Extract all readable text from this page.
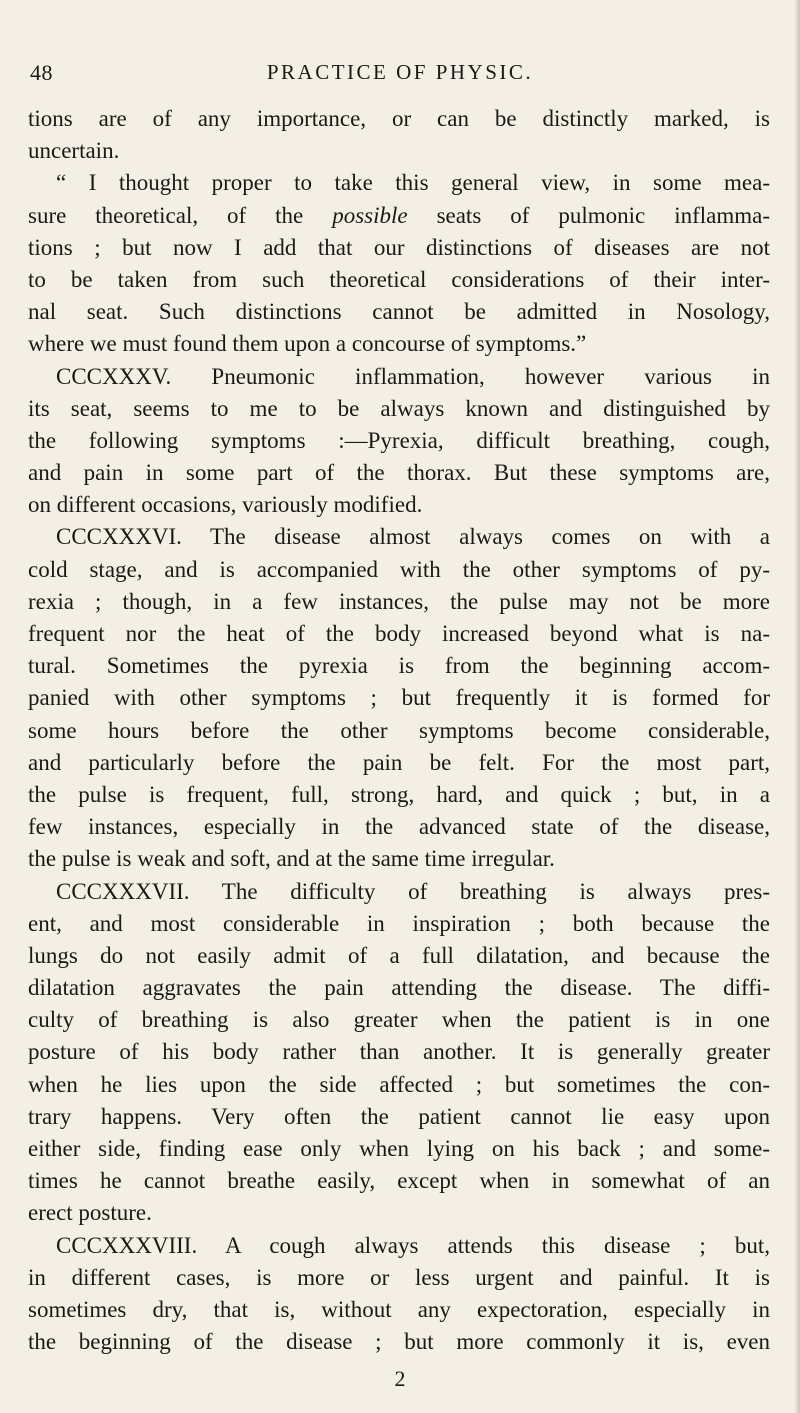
48	PRACTICE OF PHYSIC.
tions are of any importance, or can be distinctly marked, is
uncertain.
“ I thought proper to take this general view, in some mea-
sure theoretical, of the possible seats of pulmonic inflamma-
tions ; but now I add that our distinctions of diseases are not
to be taken from such theoretical considerations of their inter-
nal seat. Such distinctions cannot be admitted in Nosology,
where we must found them upon a concourse of symptoms.”
CCCXXXV. Pneumonic inflammation, however various in
its seat, seems to me to be always known and distinguished by
the following symptoms :—Pyrexia, difficult breathing, cough,
and pain in some part of the thorax. But these symptoms are,
on different occasions, variously modified.
CCCXXXVI. The disease almost always comes on with a
cold stage, and is accompanied with the other symptoms of py-
rexia ; though, in a few instances, the pulse may not be more
frequent nor the heat of the body increased beyond what is na-
tural. Sometimes the pyrexia is from the beginning accom-
panied with other symptoms ; but frequently it is formed for
some hours before the other symptoms become considerable,
and particularly before the pain be felt. For the most part,
the pulse is frequent, full, strong, hard, and quick ; but, in a
few instances, especially in the advanced state of the disease,
the pulse is weak and soft, and at the same time irregular.
CCCXXXVII. The difficulty of breathing is always pres-
ent, and most considerable in inspiration ; both because the
lungs do not easily admit of a full dilatation, and because the
dilatation aggravates the pain attending the disease. The diffi-
culty of breathing is also greater when the patient is in one
posture of his body rather than another. It is generally greater
when he lies upon the side affected ; but sometimes the con-
trary happens. Very often the patient cannot lie easy upon
either side, finding ease only when lying on his back ; and some-
times he cannot breathe easily, except when in somewhat of an
erect posture.
CCCXXXVIII. A cough always attends this disease ; but,
in different cases, is more or less urgent and painful. It is
sometimes dry, that is, without any expectoration, especially in
the beginning of the disease ; but more commonly it is, even
2
